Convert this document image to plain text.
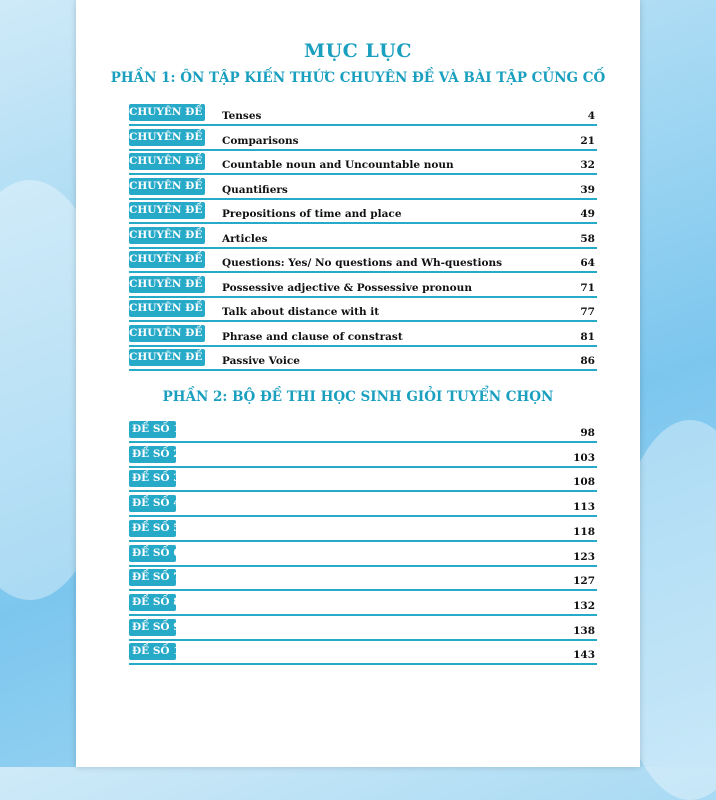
MỤC LỤC
PHẦN 1: ÔN TẬP KIẾN THỨC CHUYÊN ĐỀ VÀ BÀI TẬP CỦNG CỐ
CHUYÊN ĐỀ 1 Tenses	4
CHUYÊN ĐỀ 2 Comparisons	21
CHUYÊN ĐỀ 3 Countable noun and Uncountable noun	32
CHUYÊN ĐỀ 4 Quantifiers	39
CHUYÊN ĐỀ 5 Prepositions of time and place	49
CHUYÊN ĐỀ 6 Articles	58
CHUYÊN ĐỀ 7 Questions: Yes/ No questions and Wh-questions	64
CHUYÊN ĐỀ 8 Possessive adjective & Possessive pronoun	71
CHUYÊN ĐỀ 9 Talk about distance with it	77
CHUYÊN ĐỀ 10 Phrase and clause of constrast	81
CHUYÊN ĐỀ 11 Passive Voice	86
PHẦN 2: BỘ ĐỀ THI HỌC SINH GIỎI TUYỂN CHỌN
ĐỀ SỐ 1	98
ĐỀ SỐ 2	103
ĐỀ SỐ 3	108
ĐỀ SỐ 4	113
ĐỀ SỐ 5	118
ĐỀ SỐ 6	123
ĐỀ SỐ 7	127
ĐỀ SỐ 8	132
ĐỀ SỐ 9	138
ĐỀ SỐ 10	143
